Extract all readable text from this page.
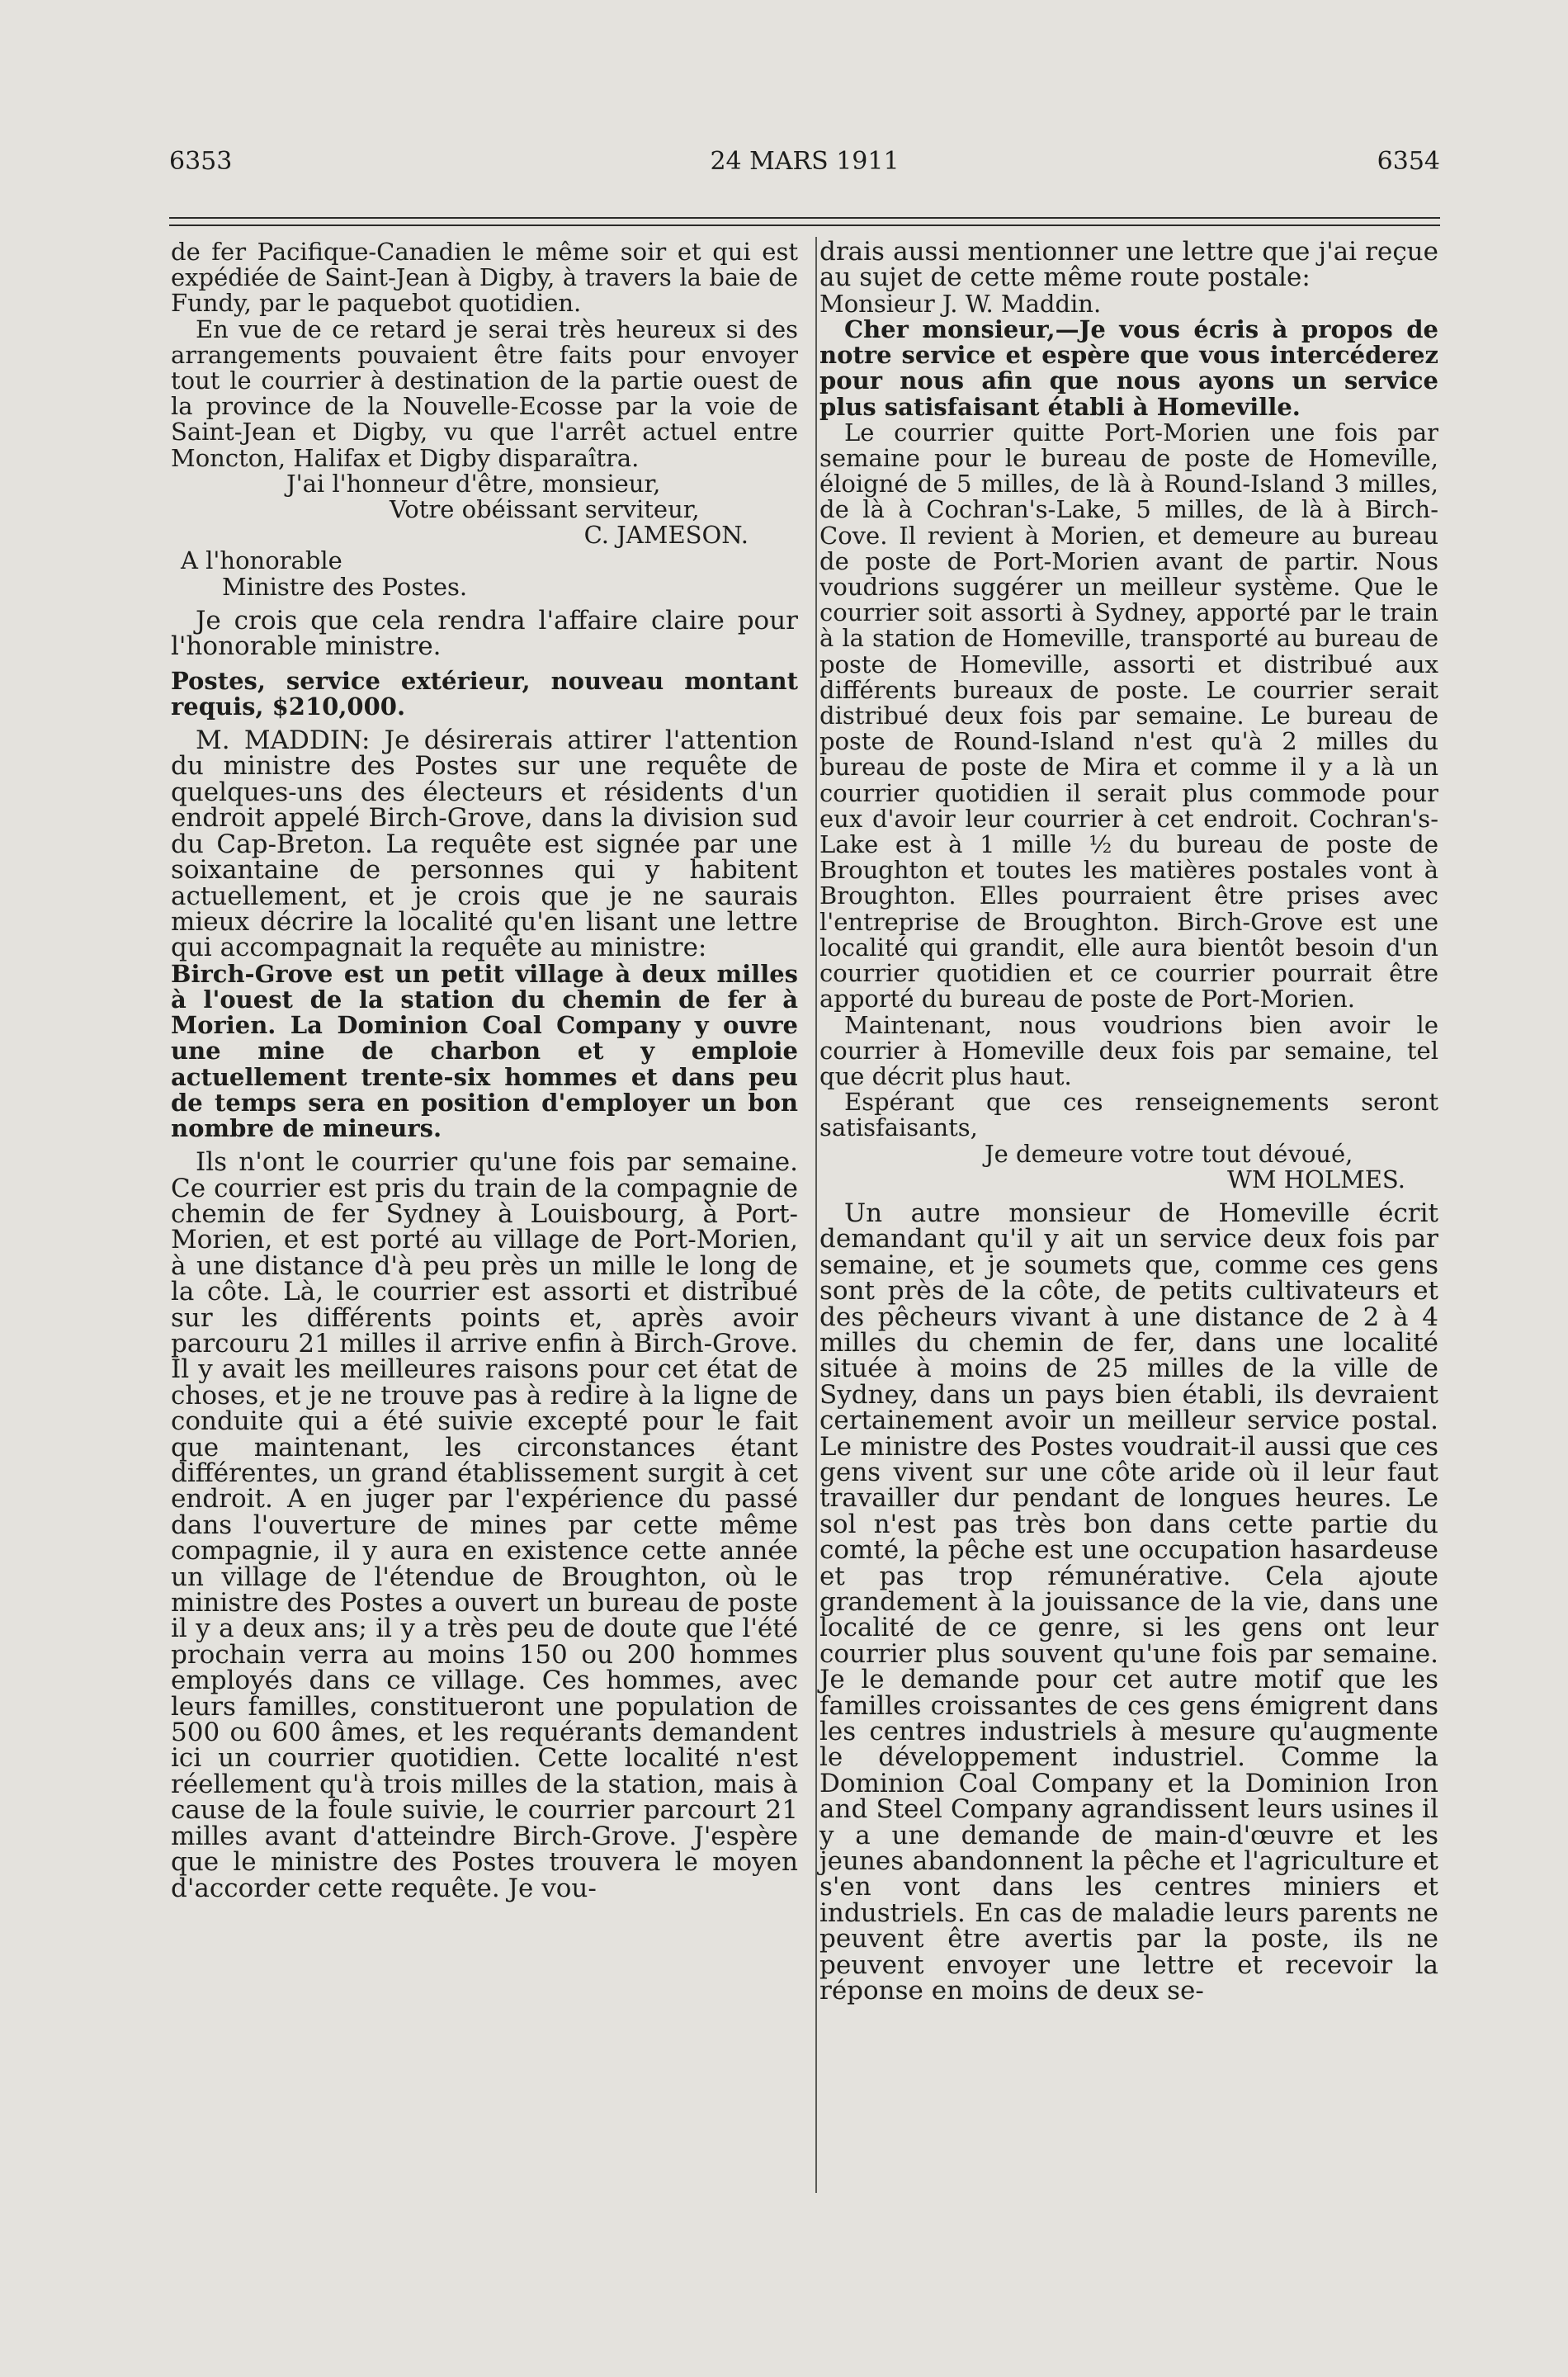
6353	24 MARS 1911	6354

de fer Pacifique-Canadien le même soir et qui est expédiée de Saint-Jean à Digby, à travers la baie de Fundy, par le paquebot quotidien.

En vue de ce retard je serai très heureux si des arrangements pouvaient être faits pour envoyer tout le courrier à destination de la partie ouest de la province de la Nouvelle-Ecosse par la voie de Saint-Jean et Digby, vu que l'arrêt actuel entre Moncton, Halifax et Digby disparaîtra.

J'ai l'honneur d'être, monsieur,

Votre obéissant serviteur,

C. JAMESON.

A l'honorable

Ministre des Postes.

Je crois que cela rendra l'affaire claire pour l'honorable ministre.

Postes, service extérieur, nouveau montant requis, $210,000.

M. MADDIN: Je désirerais attirer l'attention du ministre des Postes sur une requête de quelques-uns des électeurs et résidents d'un endroit appelé Birch-Grove, dans la division sud du Cap-Breton. La requête est signée par une soixantaine de personnes qui y habitent actuellement, et je crois que je ne saurais mieux décrire la localité qu'en lisant une lettre qui accompagnait la requête au ministre:

Birch-Grove est un petit village à deux milles à l'ouest de la station du chemin de fer à Morien. La Dominion Coal Company y ouvre une mine de charbon et y emploie actuellement trente-six hommes et dans peu de temps sera en position d'employer un bon nombre de mineurs.

Ils n'ont le courrier qu'une fois par semaine. Ce courrier est pris du train de la compagnie de chemin de fer Sydney à Louisbourg, à Port-Morien, et est porté au village de Port-Morien, à une distance d'à peu près un mille le long de la côte. Là, le courrier est assorti et distribué sur les différents points et, après avoir parcouru 21 milles il arrive enfin à Birch-Grove. Il y avait les meilleures raisons pour cet état de choses, et je ne trouve pas à redire à la ligne de conduite qui a été suivie excepté pour le fait que maintenant, les circonstances étant différentes, un grand établissement surgit à cet endroit. A en juger par l'expérience du passé dans l'ouverture de mines par cette même compagnie, il y aura en existence cette année un village de l'étendue de Broughton, où le ministre des Postes a ouvert un bureau de poste il y a deux ans; il y a très peu de doute que l'été prochain verra au moins 150 ou 200 hommes employés dans ce village. Ces hommes, avec leurs familles, constitueront une population de 500 ou 600 âmes, et les requérants demandent ici un courrier quotidien. Cette localité n'est réellement qu'à trois milles de la station, mais à cause de la foule suivie, le courrier parcourt 21 milles avant d'atteindre Birch-Grove. J'espère que le ministre des Postes trouvera le moyen d'accorder cette requête. Je vou-

drais aussi mentionner une lettre que j'ai reçue au sujet de cette même route postale:

Monsieur J. W. Maddin.

Cher monsieur,—Je vous écris à propos de notre service et espère que vous intercéderez pour nous afin que nous ayons un service plus satisfaisant établi à Homeville.

Le courrier quitte Port-Morien une fois par semaine pour le bureau de poste de Homeville, éloigné de 5 milles, de là à Round-Island 3 milles, de là à Cochran's-Lake, 5 milles, de là à Birch-Cove. Il revient à Morien, et demeure au bureau de poste de Port-Morien avant de partir. Nous voudrions suggérer un meilleur système. Que le courrier soit assorti à Sydney, apporté par le train à la station de Homeville, transporté au bureau de poste de Homeville, assorti et distribué aux différents bureaux de poste. Le courrier serait distribué deux fois par semaine. Le bureau de poste de Round-Island n'est qu'à 2 milles du bureau de poste de Mira et comme il y a là un courrier quotidien il serait plus commode pour eux d'avoir leur courrier à cet endroit. Cochran's-Lake est à 1 mille ½ du bureau de poste de Broughton et toutes les matières postales vont à Broughton. Elles pourraient être prises avec l'entreprise de Broughton. Birch-Grove est une localité qui grandit, elle aura bientôt besoin d'un courrier quotidien et ce courrier pourrait être apporté du bureau de poste de Port-Morien.

Maintenant, nous voudrions bien avoir le courrier à Homeville deux fois par semaine, tel que décrit plus haut.

Espérant que ces renseignements seront satisfaisants,

Je demeure votre tout dévoué,

WM HOLMES.

Un autre monsieur de Homeville écrit demandant qu'il y ait un service deux fois par semaine, et je soumets que, comme ces gens sont près de la côte, de petits cultivateurs et des pêcheurs vivant à une distance de 2 à 4 milles du chemin de fer, dans une localité située à moins de 25 milles de la ville de Sydney, dans un pays bien établi, ils devraient certainement avoir un meilleur service postal. Le ministre des Postes voudrait-il aussi que ces gens vivent sur une côte aride où il leur faut travailler dur pendant de longues heures. Le sol n'est pas très bon dans cette partie du comté, la pêche est une occupation hasardeuse et pas trop rémunérative. Cela ajoute grandement à la jouissance de la vie, dans une localité de ce genre, si les gens ont leur courrier plus souvent qu'une fois par semaine. Je le demande pour cet autre motif que les familles croissantes de ces gens émigrent dans les centres industriels à mesure qu'augmente le développement industriel. Comme la Dominion Coal Company et la Dominion Iron and Steel Company agrandissent leurs usines il y a une demande de main-d'œuvre et les jeunes abandonnent la pêche et l'agriculture et s'en vont dans les centres miniers et industriels. En cas de maladie leurs parents ne peuvent être avertis par la poste, ils ne peuvent envoyer une lettre et recevoir la réponse en moins de deux se-
